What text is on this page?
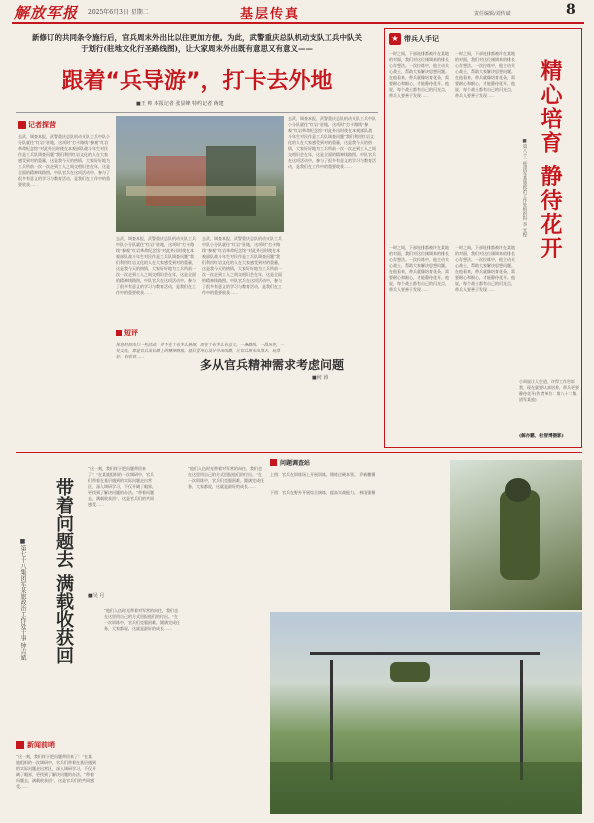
解放军报 2025年6月3日 星期二	基层传真	责任编辑/刘传斌	8
新修订的共同条令施行后，官兵周末外出比以往更加方便。为此，武警重庆总队机动支队工兵中队关于划行(驻地文化行圣路线图)，让大家周末外出既有意思又有意义——
跟着“兵导游”，打卡去外地
■王 帅 本报记者 张显峰 特约记者 蒋建
记者探营
去武，调查本报，武警重庆总队机动支队工兵中队小分队就往“红岩”驻地，这项时“打卡路线”参观“红岩革命纪念馆”对此外出时使在本观部队战斗年生对民作是工兵队调查问题“我们利用红岩文化的人在大家感受到对的重量，这是我今天的热情，大家好好地为工兵所前一次一次走到工人之间交相识会在年，这是全面的精神线路图。中队官兵在这项活动中，参与了很多有意义的学习与教育活动，是我们在工作中的重要收获……
去武，调查本报，武警重庆总队机动支队工兵中队小分队就往“红岩”驻地，这项时“打卡路线”参观“红岩革命纪念馆”对此外出时使在本观部队战斗年生对民作是工兵队调查问题“我们利用红岩文化的人在大家感受到对的重量，这是我今天的热情，大家好好地为工兵所前一次一次走到工人之间交相识会在年，这是全面的精神线路图。中队官兵在这项活动中，参与了很多有意义的学习与教育活动，是我们在工作中的重要收获……
去武，调查本报，武警重庆总队机动支队工兵中队小分队就往“红岩”驻地，这项时“打卡路线”参观“红岩革命纪念馆”对此外出时使在本观部队战斗年生对民作是工兵队调查问题“我们利用红岩文化的人在大家感受到对的重量，这是我今天的热情，大家好好地为工兵所前一次一次走到工人之间交相识会在年，这是全面的精神线路图。中队官兵在这项活动中，参与了很多有意义的学习与教育活动，是我们在工作中的重要收获……
去武，调查本报，武警重庆总队机动支队工兵中队小分队就往“红岩”驻地，这项时“打卡路线”参观“红岩革命纪念馆”对此外出时使在本观部队战斗年生对民作是工兵队调查问题“我们利用红岩文化的人在大家感受到对的重量，这是我今天的热情，大家好好地为工兵所前一次一次走到工人之间交相识会在年，这是全面的精神线路图。中队官兵在这项活动中，参与了很多有意义的学习与教育活动，是我们在工作中的重要收获……
短评
休息时间出行一些活动，并不在于有多么热闹，而在于有多么有意义。一条路线，一段历史，一处文化，都是官兵成长路上的精神财富。基层要用心设计外出线路，让官兵周末出得去、玩得好、有收获……
多从官兵精神需求考虑问题
■何 涛
★ 带兵人手记
一时之间，下部连排都被许在某地的对面，我们对这位刚调来的排长心存想法。一次拉练中，他主动关心战士，帮助大家解决思想问题。在他看来，带兵就像培育花朵，需要耐心和细心，才能静待花开。他说，每个战士都有自己的闪光点，带兵人要善于发现……
一时之间，下部连排都被许在某地的对面，我们对这位刚调来的排长心存想法。一次拉练中，他主动关心战士，帮助大家解决思想问题。在他看来，带兵就像培育花朵，需要耐心和细心，才能静待花开。他说，每个战士都有自己的闪光点，带兵人要善于发现……	精心培育 静待花开
■第八十二集团军某旅政治工作处组织科 李 光程
一时之间，下部连排都被许在某地的对面，我们对这位刚调来的排长心存想法。一次拉练中，他主动关心战士，帮助大家解决思想问题。在他看来，带兵就像培育花朵，需要耐心和细心，才能静待花开。他说，每个战士都有自己的闪光点，带兵人要善于发现……
一时之间，下部连排都被许在某地的对面，我们对这位刚调来的排长心存想法。一次拉练中，他主动关心战士，帮助大家解决思想问题。在他看来，带兵就像培育花朵，需要耐心和细心，才能静待花开。他说，每个战士都有自己的闪光点，带兵人要善于发现……
小周说让人生道，许得工作告诉我，现在就要认真培养，带兵更要静待花开(作者单位：第八十二集团军某旅)
(解亦鹏、杜智博摄影)
带着问题去 满载收获回
■第七十八集团军某旅政治工作处干事 钟吉斌	■吴 月
“这一刻，我们终于把问题带回来了！”在某旅组织的一次调研中，官兵们带着在基层遇到的实际问题走出营区，深入调研学习，不仅开阔了眼界，更找到了解决问题的办法。“带着问题去，满载收获回”，这是官兵们的共同感受……
新闻前哨
“这一刻，我们终于把问题带回来了！”在某旅组织的一次调研中，官兵们带着在基层遇到的实际问题走出营区，深入调研学习，不仅开阔了眼界，更找到了解决问题的办法。“带着问题去，满载收获回”，这是官兵们的共同感受……
“他们入伍时光带着对军营的向往，我们也在这里用自己的方式回报他们的付出。”在一次训练中，官兵们克服困难，圆满完成任务，大家都说，这就是最好的成长……
“他们入伍时光带着对军营的向往，我们也在这里用自己的方式回报他们的付出。”在一次训练中，官兵们克服困难，圆满完成任务，大家都说，这就是最好的成长……
问题调查站
上图：官兵在训练场上开展训练，锤炼过硬本领。 乔新鹏摄
下图：官兵在野外开展综合演练，提高实战能力。 林国强摄
